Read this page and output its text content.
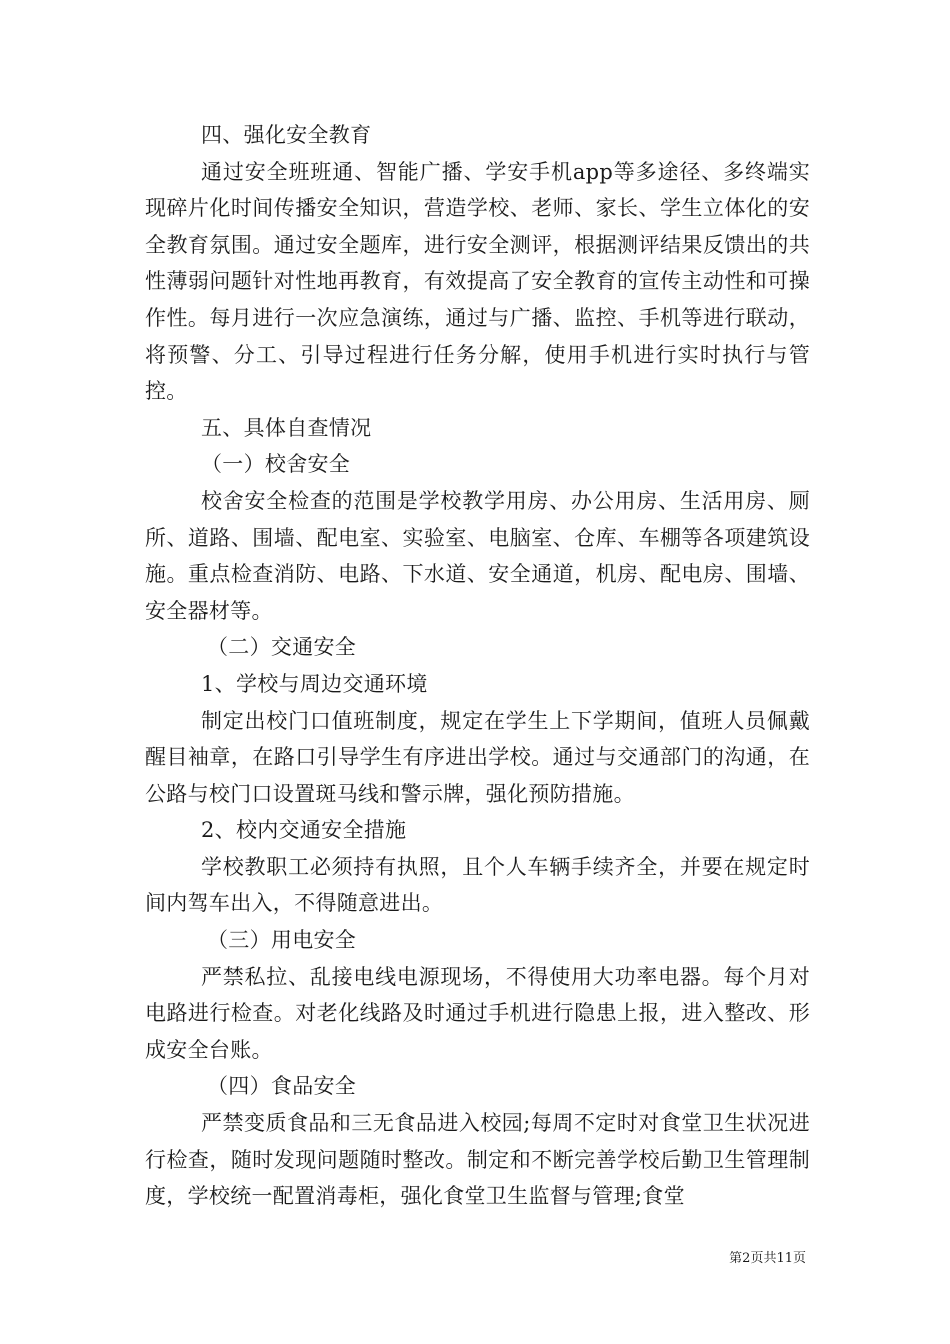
四、强化安全教育

通过安全班班通、智能广播、学安手机app等多途径、多终端实现碎片化时间传播安全知识，营造学校、老师、家长、学生立体化的安全教育氛围。通过安全题库，进行安全测评，根据测评结果反馈出的共性薄弱问题针对性地再教育，有效提高了安全教育的宣传主动性和可操作性。每月进行一次应急演练，通过与广播、监控、手机等进行联动，将预警、分工、引导过程进行任务分解，使用手机进行实时执行与管控。

五、具体自查情况

（一）校舍安全

校舍安全检查的范围是学校教学用房、办公用房、生活用房、厕所、道路、围墙、配电室、实验室、电脑室、仓库、车棚等各项建筑设施。重点检查消防、电路、下水道、安全通道，机房、配电房、围墙、安全器材等。

（二）交通安全

1、学校与周边交通环境

制定出校门口值班制度，规定在学生上下学期间，值班人员佩戴醒目袖章，在路口引导学生有序进出学校。通过与交通部门的沟通，在公路与校门口设置斑马线和警示牌，强化预防措施。

2、校内交通安全措施

学校教职工必须持有执照，且个人车辆手续齐全，并要在规定时间内驾车出入，不得随意进出。

（三）用电安全

严禁私拉、乱接电线电源现场，不得使用大功率电器。每个月对电路进行检查。对老化线路及时通过手机进行隐患上报，进入整改、形成安全台账。

（四）食品安全

严禁变质食品和三无食品进入校园;每周不定时对食堂卫生状况进行检查，随时发现问题随时整改。制定和不断完善学校后勤卫生管理制度，学校统一配置消毒柜，强化食堂卫生监督与管理;食堂

第2页共11页
